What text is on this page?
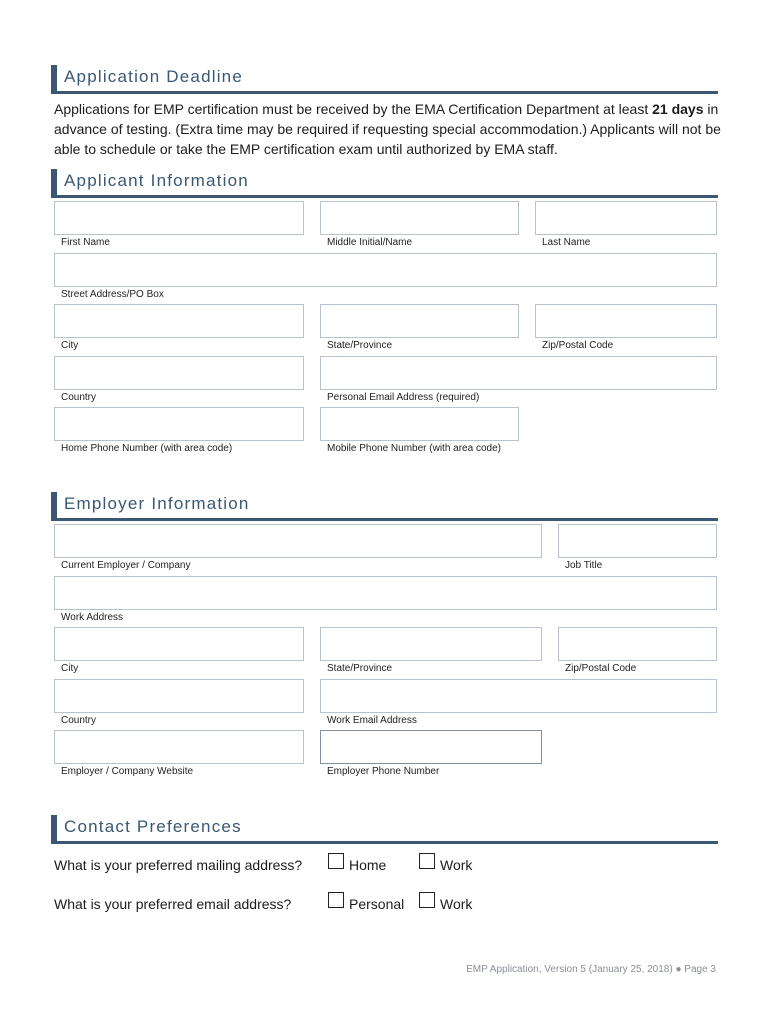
Application Deadline

Applications for EMP certification must be received by the EMA Certification Department at least 21 days in advance of testing. (Extra time may be required if requesting special accommodation.) Applicants will not be able to schedule or take the EMP certification exam until authorized by EMA staff.

Applicant Information
First Name	Middle Initial/Name	Last Name
Street Address/PO Box
City	State/Province	Zip/Postal Code
Country	Personal Email Address (required)
Home Phone Number (with area code)	Mobile Phone Number (with area code)
Employer Information
Current Employer / Company	Job Title
Work Address
City	State/Province	Zip/Postal Code
Country	Work Email Address
Employer / Company Website	Employer Phone Number
Contact Preferences
What is your preferred mailing address?	Home	Work
What is your preferred email address?	Personal	Work
EMP Application, Version 5 (January 25, 2018) ● Page 3
